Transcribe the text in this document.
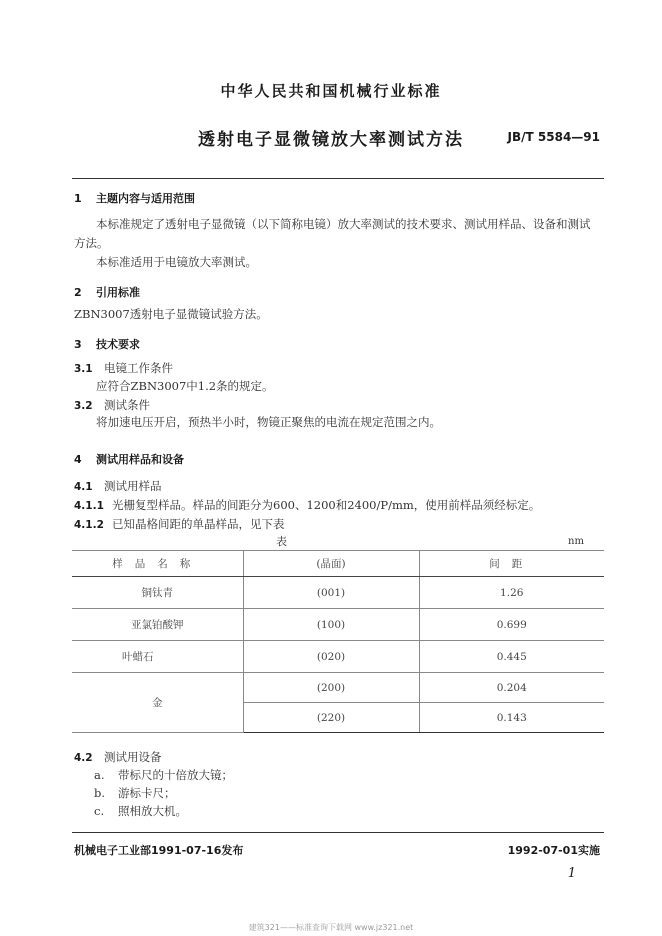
中华人民共和国机械行业标准
透射电子显微镜放大率测试方法	JB/T 5584—91
1 主题内容与适用范围
本标准规定了透射电子显微镜（以下简称电镜）放大率测试的技术要求、测试用样品、设备和测试
方法。
本标准适用于电镜放大率测试。
2 引用标准
ZBN3007透射电子显微镜试验方法。
3 技术要求
3.1 电镜工作条件
应符合ZBN3007中1.2条的规定。
3.2 测试条件
将加速电压开启，预热半小时，物镜正聚焦的电流在规定范围之内。
4 测试用样品和设备
4.1 测试用样品
4.1.1 光栅复型样品。样品的间距分为600、1200和2400/P/mm，使用前样品须经标定。
4.1.2 已知晶格间距的单晶样品，见下表
表	nm
样品名称	(晶面)	间距
铜钛青	(001)	1.26
亚氯铂酸钾	(100)	0.699
叶蜡石	(020)	0.445
金	(200)	0.204
	(220)	0.143
4.2 测试用设备
a. 带标尺的十倍放大镜；
b. 游标卡尺；
c. 照相放大机。
机械电子工业部1991-07-16发布	1992-07-01实施
1
建筑321——标准查询下载网 www.jz321.net
